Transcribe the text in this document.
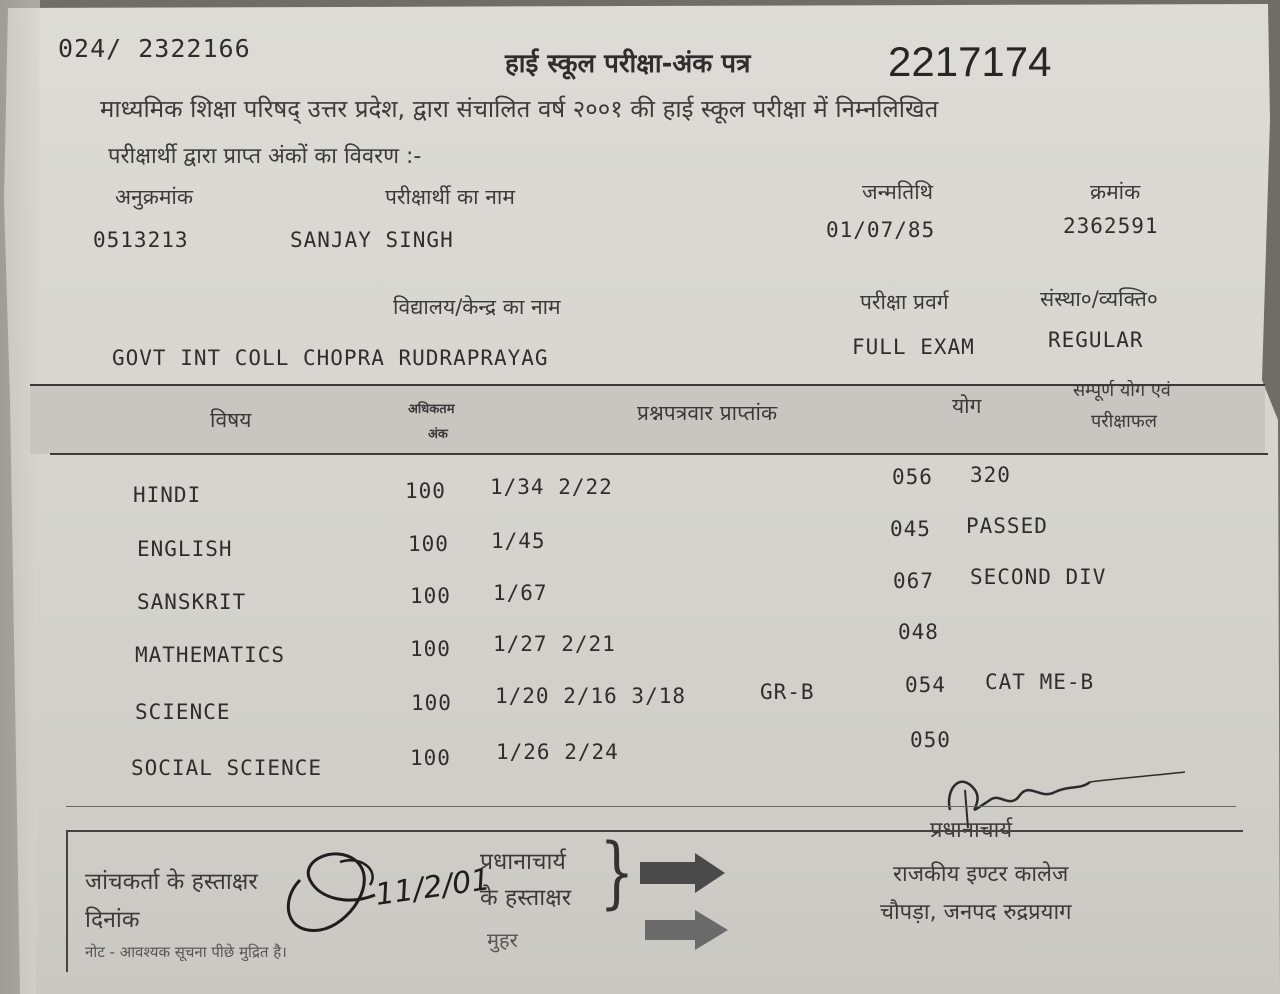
024/ 2322166
हाई स्कूल परीक्षा-अंक पत्र	2217174
माध्यमिक शिक्षा परिषद् उत्तर प्रदेश, द्वारा संचालित वर्ष २००१ की हाई स्कूल परीक्षा में निम्नलिखित
परीक्षार्थी द्वारा प्राप्त अंकों का विवरण :-
अनुक्रमांक	परीक्षार्थी का नाम	जन्मतिथि	क्रमांक
0513213	SANJAY SINGH	01/07/85	2362591
विद्यालय/केन्द्र का नाम	परीक्षा प्रवर्ग	संस्था०/व्यक्ति०
GOVT INT COLL CHOPRA RUDRAPRAYAG	FULL EXAM	REGULAR
विषय	अधिकतम
अंक
प्रश्नपत्रवार प्राप्तांक	योग
सम्पूर्ण योग एवं
परीक्षाफल
HINDI	100 1/34 2/22	056 320
ENGLISH	100 1/45	045 PASSED
SANSKRIT	100 1/67	067 SECOND DIV
MATHEMATICS	100 1/27 2/21	048
SCIENCE	100 1/20 2/16 3/18	GR-B	054 CAT ME-B
SOCIAL SCIENCE	100 1/26 2/24	050
प्रधानाचार्य
जांचकर्ता के हस्ताक्षर
दिनांक
नोट - आवश्यक सूचना पीछे मुद्रित है।
11/2/01
प्रधानाचार्य
के हस्ताक्षर
मुहर
}	राजकीय इण्टर कालेज
चौपड़ा, जनपद रुद्रप्रयाग
